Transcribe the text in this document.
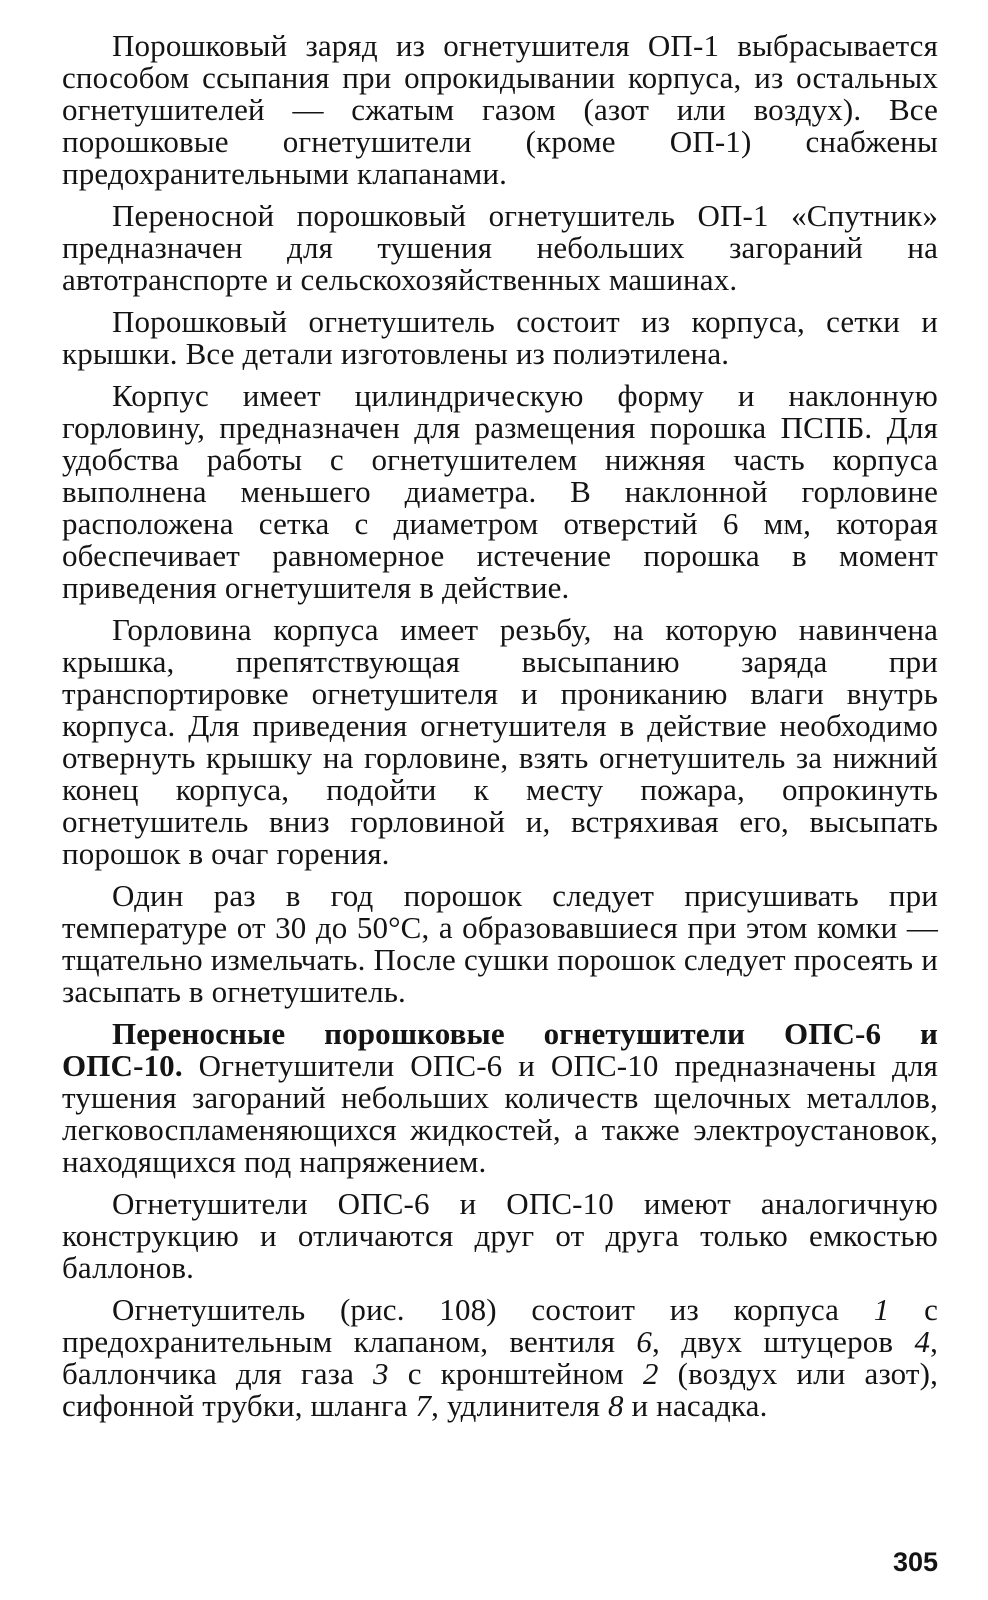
Порошковый заряд из огнетушителя ОП-1 выбрасывается способом ссыпания при опрокидывании корпуса, из остальных огнетушителей — сжатым газом (азот или воздух). Все порошковые огнетушители (кроме ОП-1) снабжены предохранительными клапанами.

Переносной порошковый огнетушитель ОП-1 «Спутник» предназначен для тушения небольших загораний на автотранспорте и сельскохозяйственных машинах.

Порошковый огнетушитель состоит из корпуса, сетки и крышки. Все детали изготовлены из полиэтилена.

Корпус имеет цилиндрическую форму и наклонную горловину, предназначен для размещения порошка ПСПБ. Для удобства работы с огнетушителем нижняя часть корпуса выполнена меньшего диаметра. В наклонной горловине расположена сетка с диаметром отверстий 6 мм, которая обеспечивает равномерное истечение порошка в момент приведения огнетушителя в действие.

Горловина корпуса имеет резьбу, на которую навинчена крышка, препятствующая высыпанию заряда при транспортировке огнетушителя и прониканию влаги внутрь корпуса. Для приведения огнетушителя в действие необходимо отвернуть крышку на горловине, взять огнетушитель за нижний конец корпуса, подойти к месту пожара, опрокинуть огнетушитель вниз горловиной и, встряхивая его, высыпать порошок в очаг горения.

Один раз в год порошок следует присушивать при температуре от 30 до 50°С, а образовавшиеся при этом комки — тщательно измельчать. После сушки порошок следует просеять и засыпать в огнетушитель.

Переносные порошковые огнетушители ОПС-6 и ОПС-10. Огнетушители ОПС-6 и ОПС-10 предназначены для тушения загораний небольших количеств щелочных металлов, легковоспламеняющихся жидкостей, а также электроустановок, находящихся под напряжением.

Огнетушители ОПС-6 и ОПС-10 имеют аналогичную конструкцию и отличаются друг от друга только емкостью баллонов.

Огнетушитель (рис. 108) состоит из корпуса 1 с предохранительным клапаном, вентиля 6, двух штуцеров 4, баллончика для газа 3 с кронштейном 2 (воздух или азот), сифонной трубки, шланга 7, удлинителя 8 и насадка.

305
